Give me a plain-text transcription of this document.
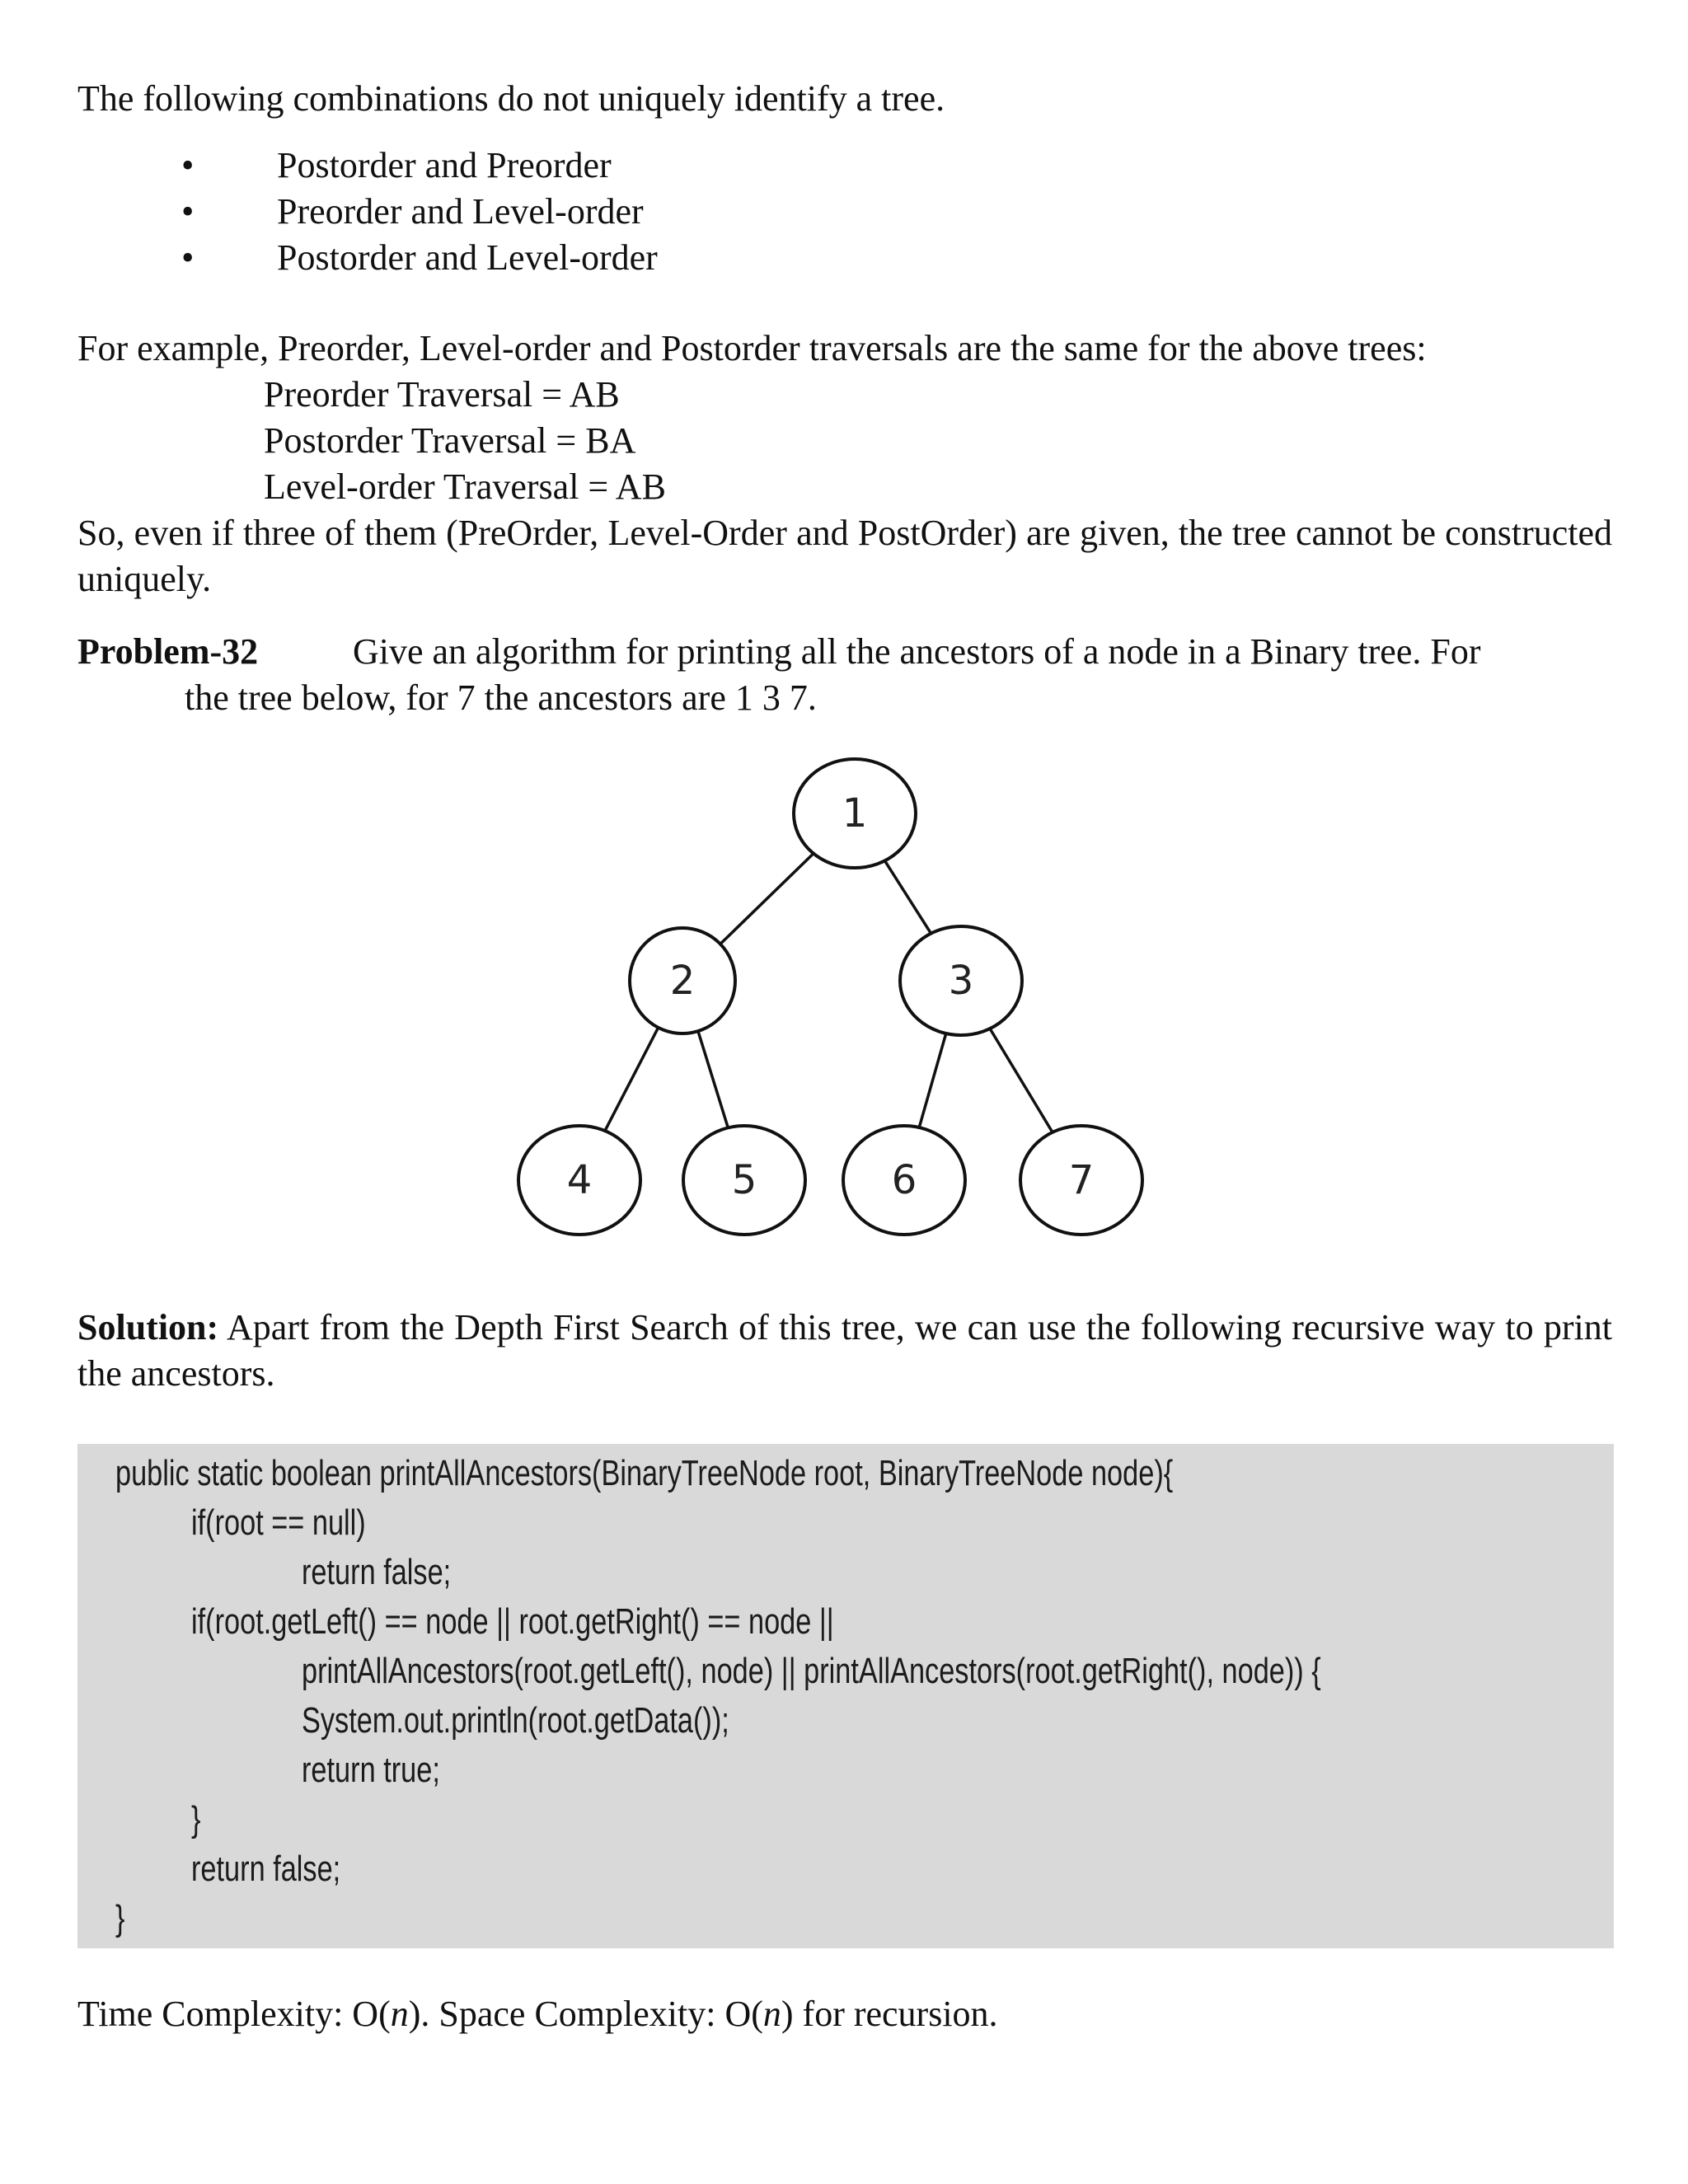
The following combinations do not uniquely identify a tree.
• Postorder and Preorder
• Preorder and Level-order
• Postorder and Level-order
For example, Preorder, Level-order and Postorder traversals are the same for the above trees:
Preorder Traversal = AB
Postorder Traversal = BA
Level-order Traversal = AB
So, even if three of them (PreOrder, Level-Order and PostOrder) are given, the tree cannot be constructed uniquely.
Problem-32	Give an algorithm for printing all the ancestors of a node in a Binary tree. For
the tree below, for 7 the ancestors are 1 3 7.
1
2	3
4	5	6	7
Solution: Apart from the Depth First Search of this tree, we can use the following recursive way to print the ancestors.
public static boolean printAllAncestors(BinaryTreeNode root, BinaryTreeNode node){
if(root == null)
return false;
if(root.getLeft() == node || root.getRight() == node ||
printAllAncestors(root.getLeft(), node) || printAllAncestors(root.getRight(), node)) {
System.out.println(root.getData());
return true;
}
return false;
}
Time Complexity: O(n). Space Complexity: O(n) for recursion.
